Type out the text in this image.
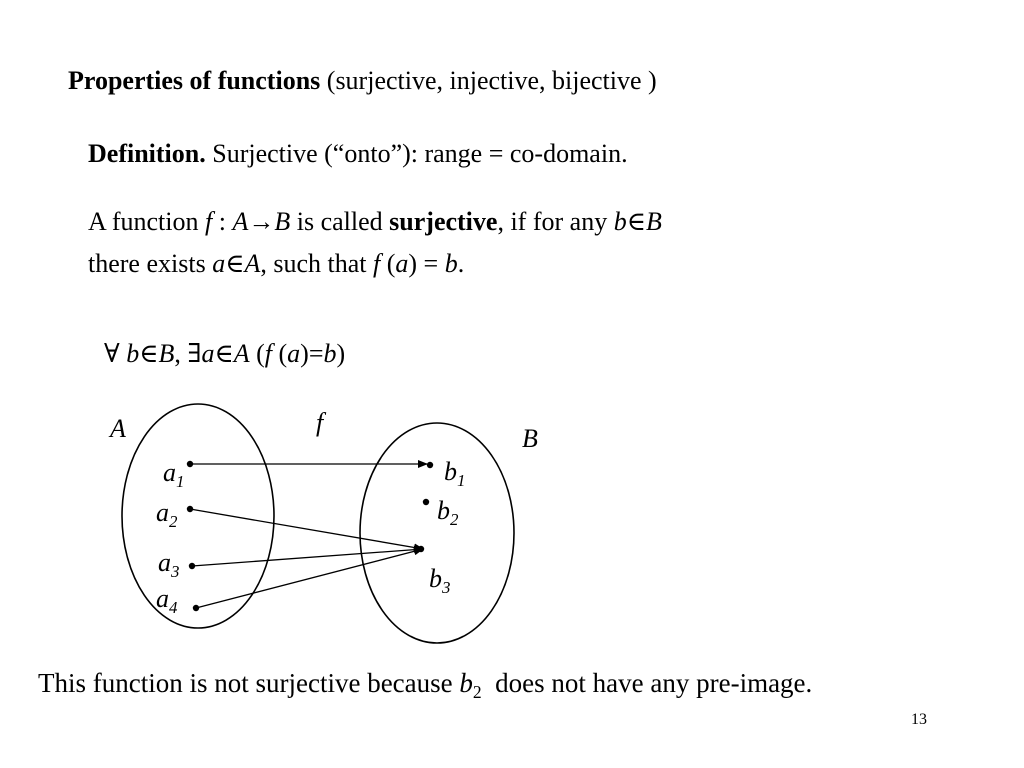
Properties of functions (surjective, injective, bijective )
Definition. Surjective (“onto”): range = co-domain.
A function f : A→B is called surjective, if for any b∈B
there exists a∈A, such that f (a) = b.
∀ b∈B, ∃a∈A (f (a)=b)
A	B
f
$a_1$
$a_2$
$a_3$
$a_4$
$b_1$
$b_2$
$b_3$
This function is not surjective because $b_2$  does not have any pre-image.
13
